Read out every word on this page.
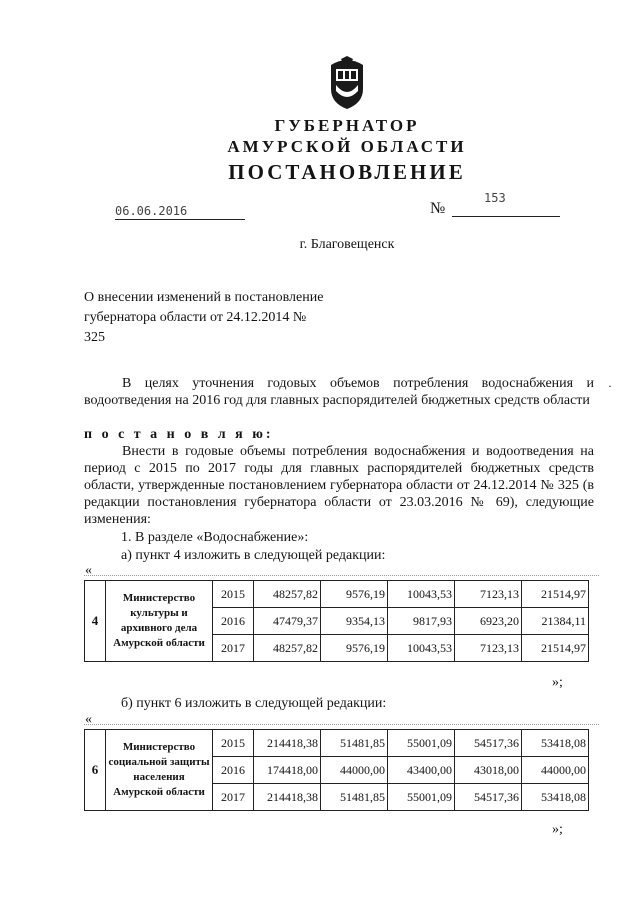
ГУБЕРНАТОР
АМУРСКОЙ ОБЛАСТИ
ПОСТАНОВЛЕНИЕ
06.06.2016	№
153
г. Благовещенск
О внесении изменений в постановление губернатора области от 24.12.2014 № 325
В целях уточнения годовых объемов потребления водоснабжения и водоотведения на 2016 год для главных распорядителей бюджетных средств области
·
п о с т а н о в л я ю:
Внести в годовые объемы потребления водоснабжения и водоотведения на период с 2015 по 2017 годы для главных распорядителей бюджетных средств области, утвержденные постановлением губернатора области от 24.12.2014 № 325 (в редакции постановления губернатора области от 23.03.2016 № 69), следующие изменения:
1. В разделе «Водоснабжение»:
а) пункт 4 изложить в следующей редакции:
«
4	Министерство культуры и архивного дела Амурской области	2015	48257,82	9576,19	10043,53	7123,13	21514,97
		2016	47479,37	9354,13	9817,93	6923,20	21384,11
		2017	48257,82	9576,19	10043,53	7123,13	21514,97
»;
б) пункт 6 изложить в следующей редакции:
«
6	Министерство социальной защиты населения Амурской области	2015	214418,38	51481,85	55001,09	54517,36	53418,08
		2016	174418,00	44000,00	43400,00	43018,00	44000,00
		2017	214418,38	51481,85	55001,09	54517,36	53418,08
»;
